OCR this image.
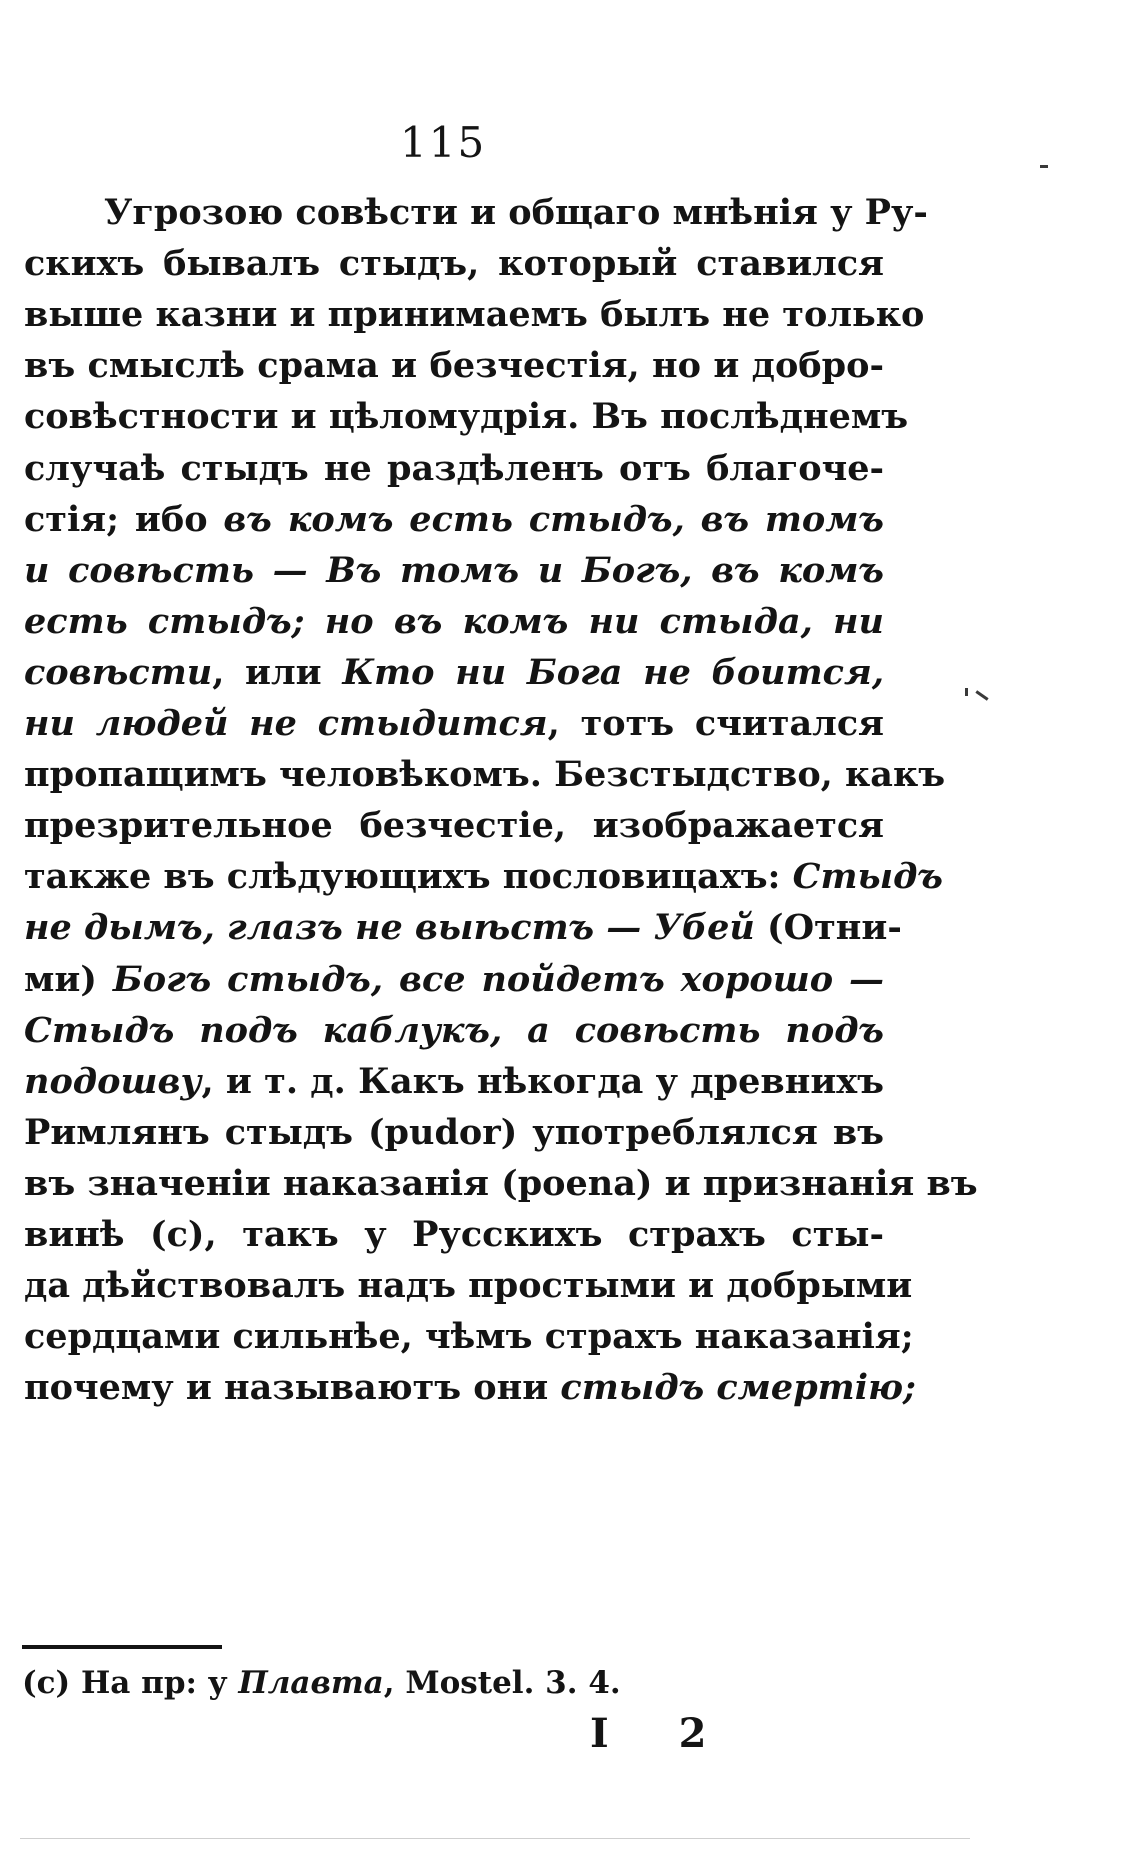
115
Угрозою совѣсти и общаго мнѣнія у Ру-
скихъ бывалъ стыдъ, который ставился
выше казни и принимаемъ былъ не только
въ смыслѣ срама и безчестія, но и добро-
совѣстности и цѣломудрія. Въ послѣднемъ
случаѣ стыдъ не раздѣленъ отъ благоче-
стія; ибо въ комъ есть стыдъ, въ томъ
и совѣсть — Въ томъ и Богъ, въ комъ
есть стыдъ; но въ комъ ни стыда, ни
совѣсти, или Кто ни Бога не боится,
ни людей не стыдится, тотъ считался
пропащимъ человѣкомъ. Безстыдство, какъ
презрительное безчестіе, изображается
также въ слѣдующихъ пословицахъ: Стыдъ
не дымъ, глазъ не выѣстъ — Убей (Отни-
ми) Богъ стыдъ, все пойдетъ хорошо —
Стыдъ подъ каблукъ, а совѣсть подъ
подошву, и т. д. Какъ нѣкогда у древнихъ
Римлянъ стыдъ (pudor) употреблялся въ
въ значеніи наказанія (poena) и признанія въ
винѣ (с), такъ у Русскихъ страхъ сты-
да дѣйствовалъ надъ простыми и добрыми
сердцами сильнѣе, чѣмъ страхъ наказанія;
почему и называютъ они стыдъ смертію;
(с) На пр: у Плавта, Mostel. 3. 4.
I 2
